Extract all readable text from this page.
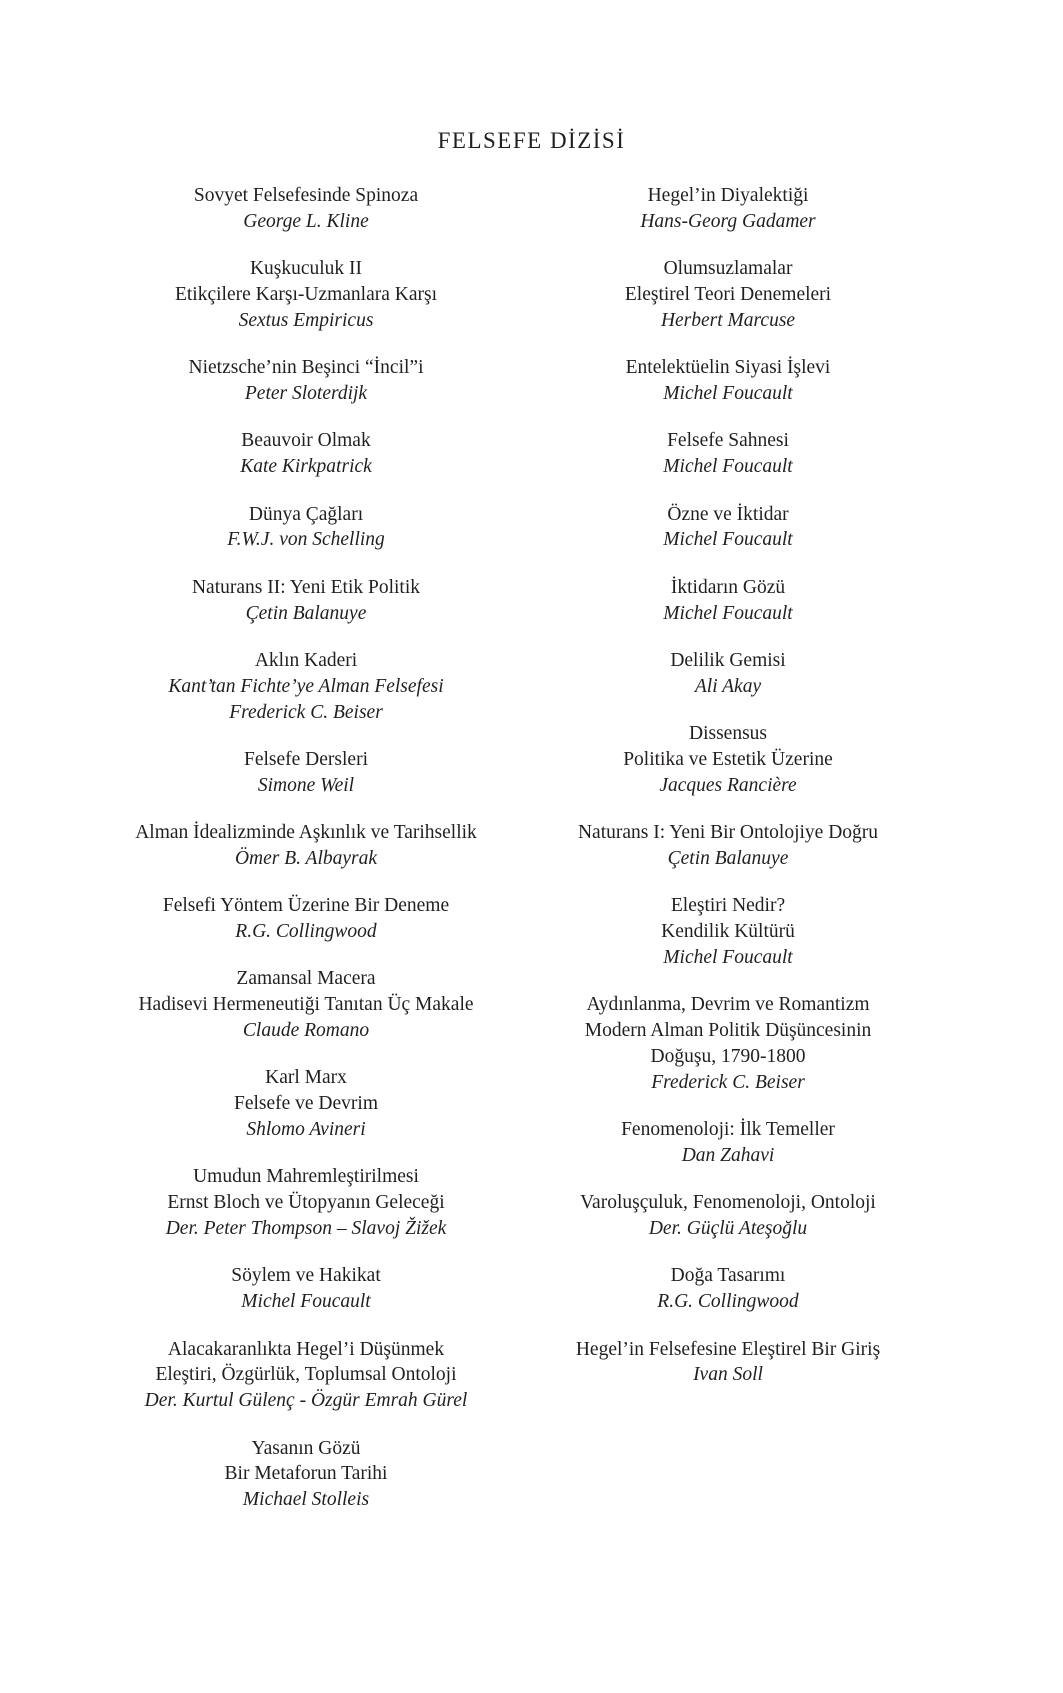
FELSEFE DİZİSİ
Sovyet Felsefesinde Spinoza
George L. Kline
Kuşkuculuk II
Etikçilere Karşı-Uzmanlara Karşı
Sextus Empiricus
Nietzsche’nin Beşinci “İncil”i
Peter Sloterdijk
Beauvoir Olmak
Kate Kirkpatrick
Dünya Çağları
F.W.J. von Schelling
Naturans II: Yeni Etik Politik
Çetin Balanuye
Aklın Kaderi
Kant’tan Fichte’ye Alman Felsefesi
Frederick C. Beiser
Felsefe Dersleri
Simone Weil
Alman İdealizminde Aşkınlık ve Tarihsellik
Ömer B. Albayrak
Felsefi Yöntem Üzerine Bir Deneme
R.G. Collingwood
Zamansal Macera
Hadisevi Hermeneutiği Tanıtan Üç Makale
Claude Romano
Karl Marx
Felsefe ve Devrim
Shlomo Avineri
Umudun Mahremleştirilmesi
Ernst Bloch ve Ütopyanın Geleceği
Der. Peter Thompson – Slavoj Žižek
Söylem ve Hakikat
Michel Foucault
Alacakaranlıkta Hegel’i Düşünmek
Eleştiri, Özgürlük, Toplumsal Ontoloji
Der. Kurtul Gülenç - Özgür Emrah Gürel
Yasanın Gözü
Bir Metaforun Tarihi
Michael Stolleis
Hegel’in Diyalektiği
Hans-Georg Gadamer
Olumsuzlamalar
Eleştirel Teori Denemeleri
Herbert Marcuse
Entelektüelin Siyasi İşlevi
Michel Foucault
Felsefe Sahnesi
Michel Foucault
Özne ve İktidar
Michel Foucault
İktidarın Gözü
Michel Foucault
Delilik Gemisi
Ali Akay
Dissensus
Politika ve Estetik Üzerine
Jacques Rancière
Naturans I: Yeni Bir Ontolojiye Doğru
Çetin Balanuye
Eleştiri Nedir?
Kendilik Kültürü
Michel Foucault
Aydınlanma, Devrim ve Romantizm
Modern Alman Politik Düşüncesinin
Doğuşu, 1790-1800
Frederick C. Beiser
Fenomenoloji: İlk Temeller
Dan Zahavi
Varoluşçuluk, Fenomenoloji, Ontoloji
Der. Güçlü Ateşoğlu
Doğa Tasarımı
R.G. Collingwood
Hegel’in Felsefesine Eleştirel Bir Giriş
Ivan Soll
